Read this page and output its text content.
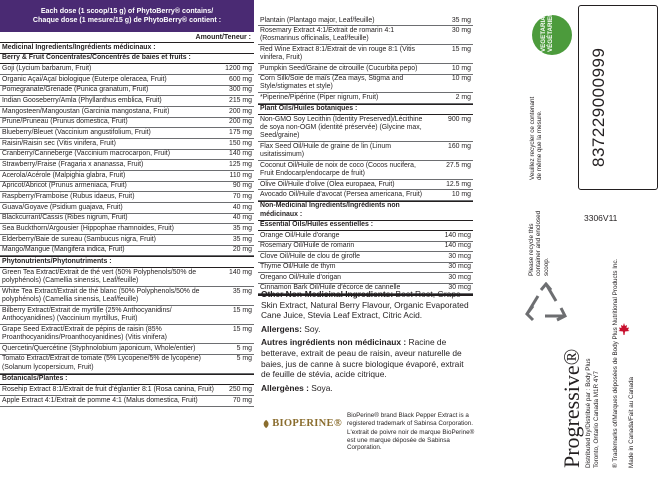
Each dose (1 scoop/15 g) of PhytoBerry® contains/
Chaque dose (1 mesure/15 g) de PhytoBerry® contient :
Amount/Teneur :
Medicinal Ingredients/Ingrédients médicinaux :
Berry & Fruit Concentrates/Concentrés de baies et fruits :
Goji (Lycium barbarum, Fruit)	1200 mg
Organic Açai/Açaï biologique (Euterpe oleracea, Fruit)	600 mg
Pomegranate/Grenade (Punica granatum, Fruit)	300 mg
Indian Gooseberry/Amla (Phyllanthus emblica, Fruit)	215 mg
Mangosteen/Mangoustan (Garcinia mangostana, Fruit)	200 mg
Prune/Pruneau (Prunus domestica, Fruit)	200 mg
Blueberry/Bleuet (Vaccinium angustifolium, Fruit)	175 mg
Raisin/Raisin sec (Vitis vinifera, Fruit)	150 mg
Cranberry/Canneberge (Vaccinium macrocarpon, Fruit)	140 mg
Strawberry/Fraise (Fragaria x ananassa, Fruit)	125 mg
Acerola/Acérole (Malpighia glabra, Fruit)	110 mg
Apricot/Abricot (Prunus armeniaca, Fruit)	90 mg
Raspberry/Framboise (Rubus idaeus, Fruit)	70 mg
Guava/Goyave (Psidium guajava, Fruit)	40 mg
Blackcurrant/Cassis (Ribes nigrum, Fruit)	40 mg
Sea Buckthorn/Argousier (Hippophae rhamnoides, Fruit)	35 mg
Elderberry/Baie de sureau (Sambucus nigra, Fruit)	35 mg
Mango/Mangue (Mangifera indica, Fruit)	20 mg
Phytonutrients/Phytonutriments :
Green Tea Extract/Extrait de thé vert (50% Polyphenols/50% de polyphénols) (Camellia sinensis, Leaf/feuille)
140 mg
White Tea Extract/Extrait de thé blanc (50% Polyphenols/50% de polyphénols) (Camellia sinensis, Leaf/feuille)
35 mg
Bilberry Extract/Extrait de myrtille (25% Anthocyanidins/ Anthocyanidines) (Vaccinium myrtillus, Fruit)
15 mg
Grape Seed Extract/Extrait de pépins de raisin (85% Proanthocyanidins/Proanthocyanidines) (Vitis vinifera)
15 mg
Quercetin/Quercétine (Styphnolobium japonicum, Whole/entier)	5 mg
Tomato Extract/Extrait de tomate (5% Lycopene/5% de lycopène) (Solanum lycopersicum, Fruit)
5 mg
Botanicals/Plantes :
Rosehip Extract 8:1/Extrait de fruit d'églantier 8:1 (Rosa canina, Fruit)	250 mg
Apple Extract 4:1/Extrait de pomme 4:1 (Malus domestica, Fruit)	70 mg
Plantain (Plantago major, Leaf/feuille)	35 mg
Rosemary Extract 4:1/Extrait de romarin 4:1 (Rosmarinus officinalis, Leaf/feuille)
30 mg
Red Wine Extract 8:1/Extrait de vin rouge 8:1 (Vitis vinifera, Fruit)
15 mg
Pumpkin Seed/Graine de citrouille (Cucurbita pepo)	10 mg
Corn Silk/Soie de maïs (Zea mays, Stigma and Style/stigmates et style)
10 mg
*Piperine/Pipérine (Piper nigrum, Fruit)	2 mg
Plant Oils/Huiles botaniques :
Non-GMO Soy Lecithin (Identity Preserved)/Lécithine de soya non-OGM (identité préservée) (Glycine max, Seed/graine)
900 mg
Flax Seed Oil/Huile de graine de lin (Linum usitatissimum)
160 mg
Coconut Oil/Huile de noix de coco (Cocos nucifera, Fruit Endocarp/endocarpe de fruit)
27.5 mg
Olive Oil/Huile d'olive (Olea europaea, Fruit)	12.5 mg
Avocado Oil/Huile d'avocat (Persea americana, Fruit)	10 mg
Non-Medicinal Ingredients/Ingrédients non médicinaux :
Essential Oils/Huiles essentielles :
Orange Oil/Huile d'orange	140 mcg
Rosemary Oil/Huile de romarin	140 mcg
Clove Oil/Huile de clou de girofle	30 mcg
Thyme Oil/Huile de thym	30 mcg
Oregano Oil/Huile d'origan	30 mcg
Cinnamon Bark Oil/Huile d'écorce de cannelle	30 mcg

Other Non-Medicinal Ingredients: Beet Root, Grape Skin Extract, Natural Berry Flavour, Organic Evaporated Cane Juice, Stevia Leaf Extract, Citric Acid.

Allergens: Soy.

Autres ingrédients non médicinaux : Racine de betterave, extrait de peau de raisin, aveur naturelle de baies, jus de canne à sucre biologique évaporé, extrait de feuille de stévia, acide citrique.

Allergènes : Soya.

BIOPERINE®

BioPerine® brand Black Pepper Extract is a registered trademark of Sabinsa Corporation.

L'extrait de poivre noir de marque BioPerine® est une marque déposée de Sabinsa Corporation.

VEGETARIAN VÉGÉTARIEN
Veuillez recycler ce contenant de même que la mesure.
Please recycle this container and enclosed scoop.
837229000999
3306V11
Progressive® Distributed by/Distribué par : Body Plus Toronto, Ontario Canada M1R 4Y7 ® Trademarks of/Marques déposées de Body Plus Nutritional Products Inc. Made in Canada/Fait au Canada
